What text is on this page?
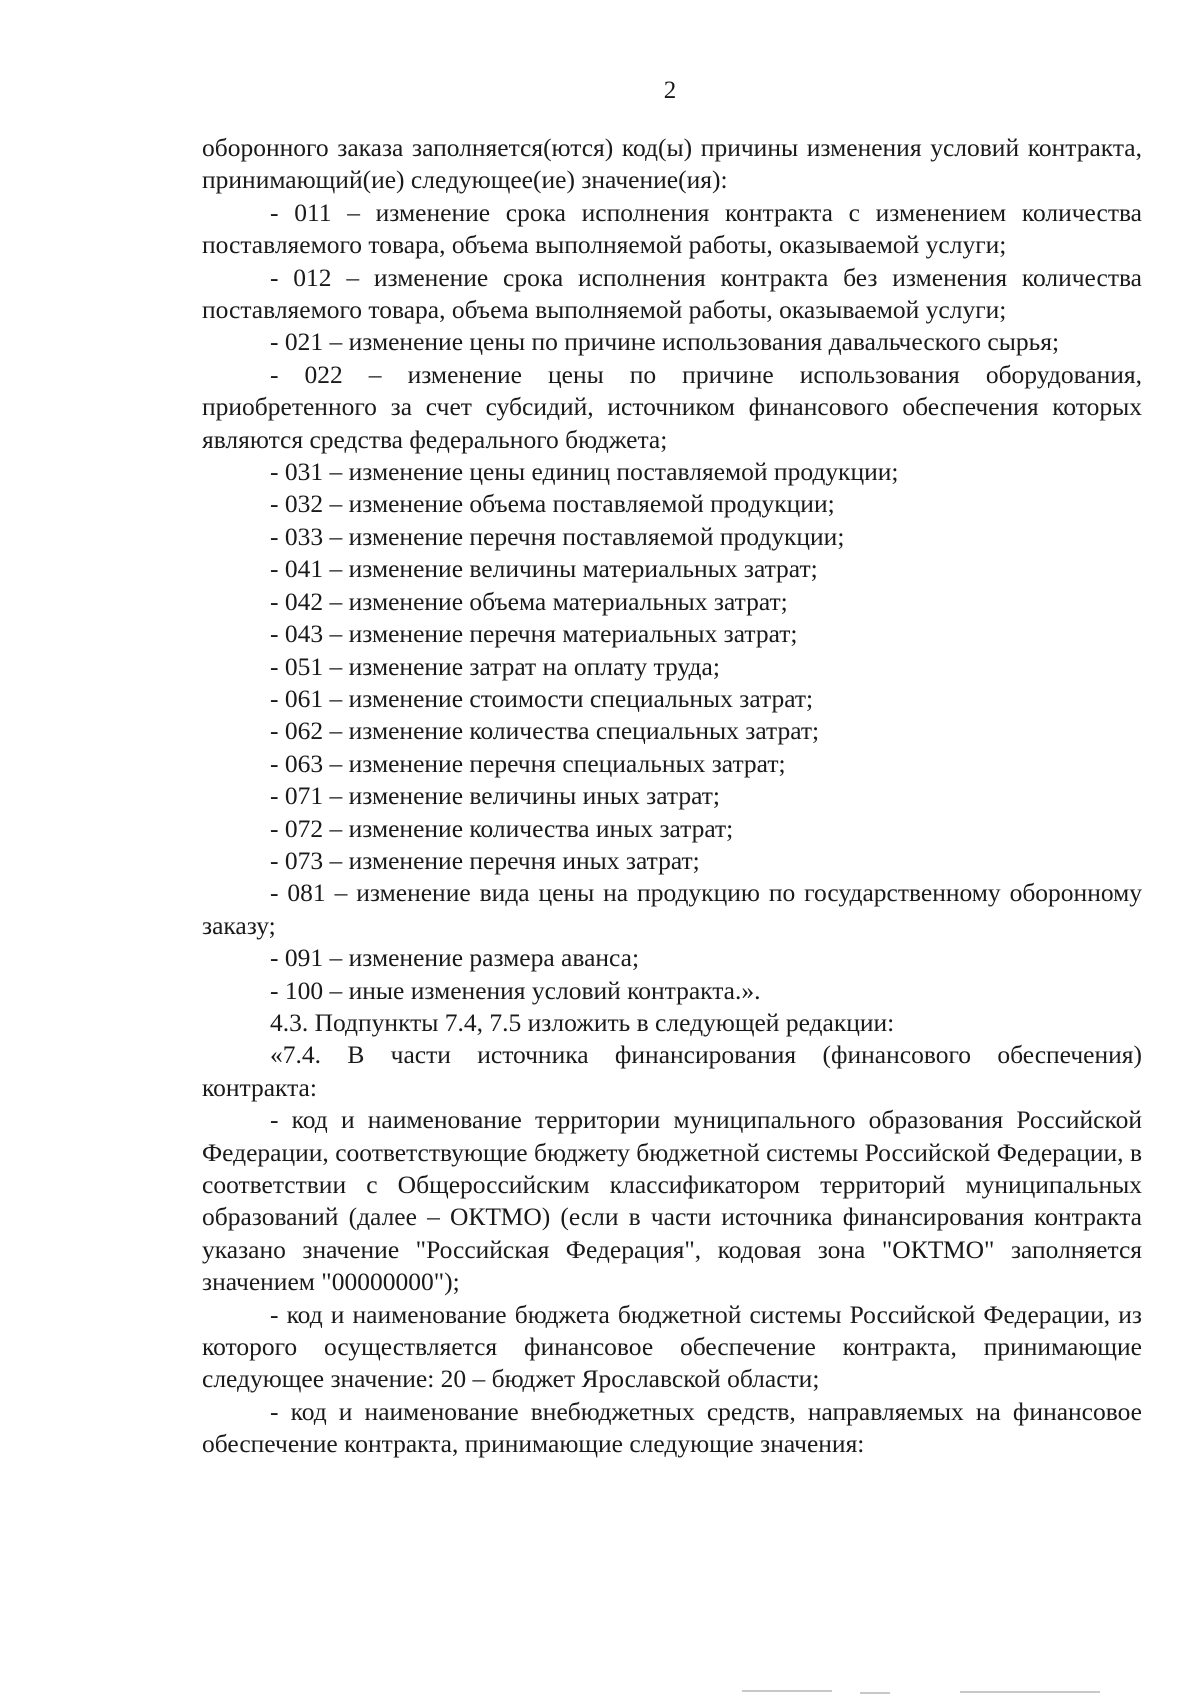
2

оборонного заказа заполняется(ются) код(ы) причины изменения условий контракта, принимающий(ие) следующее(ие) значение(ия):

- 011 – изменение срока исполнения контракта с изменением количества поставляемого товара, объема выполняемой работы, оказываемой услуги;

- 012 – изменение срока исполнения контракта без изменения количества поставляемого товара, объема выполняемой работы, оказываемой услуги;

- 021 – изменение цены по причине использования давальческого сырья;

- 022 – изменение цены по причине использования оборудования, приобретенного за счет субсидий, источником финансового обеспечения которых являются средства федерального бюджета;

- 031 – изменение цены единиц поставляемой продукции;

- 032 – изменение объема поставляемой продукции;

- 033 – изменение перечня поставляемой продукции;

- 041 – изменение величины материальных затрат;

- 042 – изменение объема материальных затрат;

- 043 – изменение перечня материальных затрат;

- 051 – изменение затрат на оплату труда;

- 061 – изменение стоимости специальных затрат;

- 062 – изменение количества специальных затрат;

- 063 – изменение перечня специальных затрат;

- 071 – изменение величины иных затрат;

- 072 – изменение количества иных затрат;

- 073 – изменение перечня иных затрат;

- 081 – изменение вида цены на продукцию по государственному оборонному заказу;

- 091 – изменение размера аванса;

- 100 – иные изменения условий контракта.».

4.3. Подпункты 7.4, 7.5 изложить в следующей редакции:

«7.4. В части источника финансирования (финансового обеспечения) контракта:

- код и наименование территории муниципального образования Российской Федерации, соответствующие бюджету бюджетной системы Российской Федерации, в соответствии с Общероссийским классификатором территорий муниципальных образований (далее – ОКТМО) (если в части источника финансирования контракта указано значение "Российская Федерация", кодовая зона "ОКТМО" заполняется значением "00000000");

- код и наименование бюджета бюджетной системы Российской Федерации, из которого осуществляется финансовое обеспечение контракта, принимающие следующее значение: 20 – бюджет Ярославской области;

- код и наименование внебюджетных средств, направляемых на финансовое обеспечение контракта, принимающие следующие значения:
